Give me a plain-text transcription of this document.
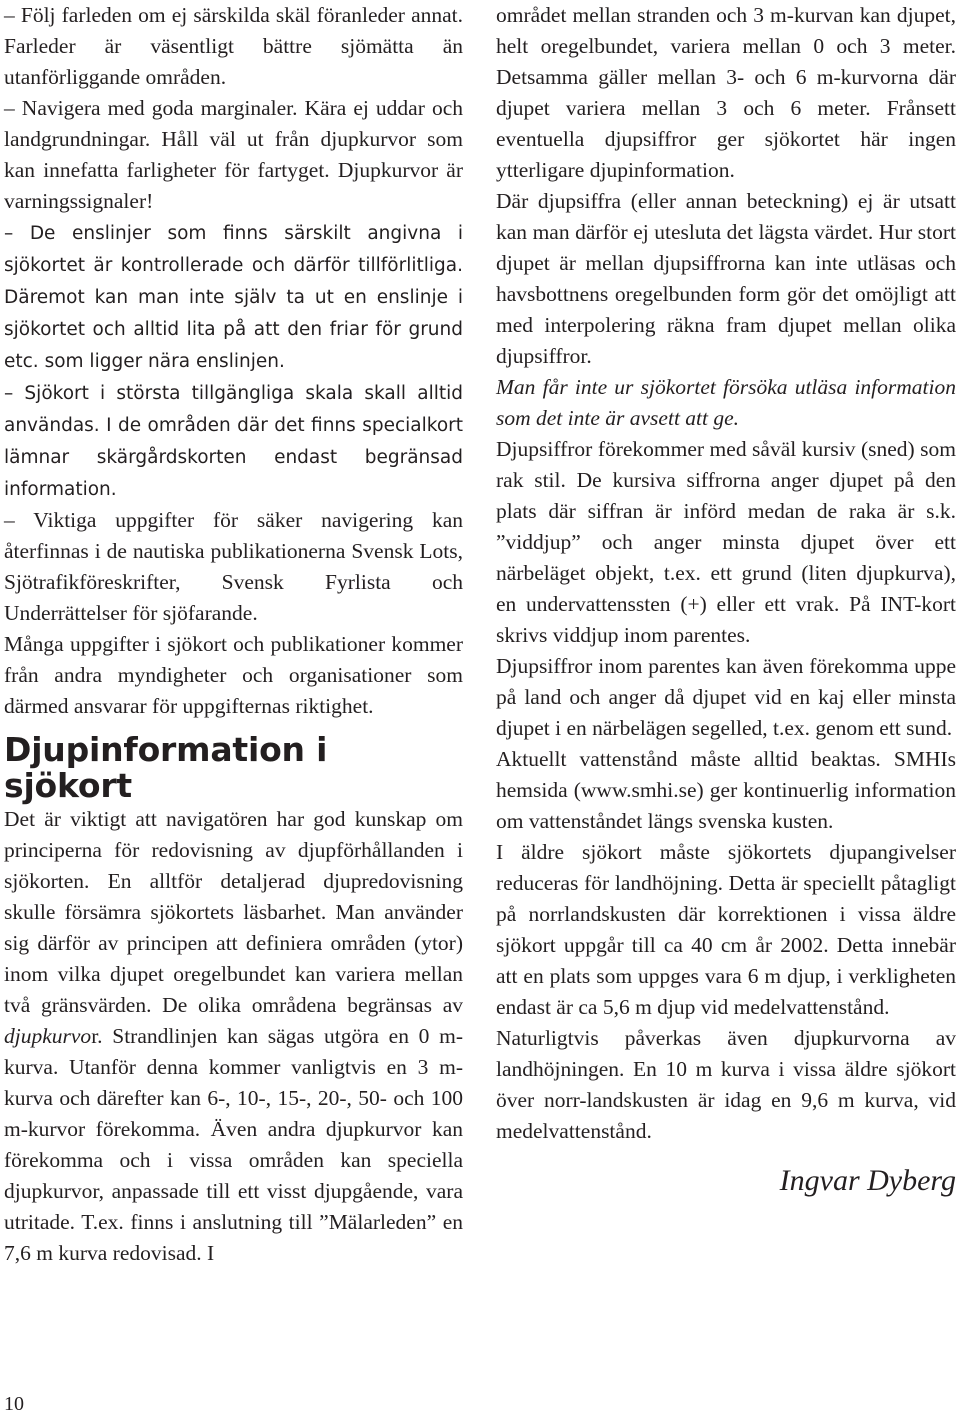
– Följ farleden om ej särskilda skäl föranleder annat. Farleder är väsentligt bättre sjömätta än utanförliggande områden.

– Navigera med goda marginaler. Kära ej uddar och landgrundningar. Håll väl ut från djupkurvor som kan innefatta farligheter för fartyget. Djupkurvor är varningssignaler!

– De enslinjer som finns särskilt angivna i sjökortet är kontrollerade och därför tillförlitliga. Däremot kan man inte själv ta ut en enslinje i sjökortet och alltid lita på att den friar för grund etc. som ligger nära enslinjen.

– Sjökort i största tillgängliga skala skall alltid användas. I de områden där det finns specialkort lämnar skärgårdskorten endast begränsad information.

– Viktiga uppgifter för säker navigering kan återfinnas i de nautiska publikationerna Svensk Lots, Sjötrafikföreskrifter, Svensk Fyrlista och Underrättelser för sjöfarande.

Många uppgifter i sjökort och publikationer kommer från andra myndigheter och organisationer som därmed ansvarar för uppgifternas riktighet.

Djupinformation i sjökort

Det är viktigt att navigatören har god kunskap om principerna för redovisning av djupförhållanden i sjökorten. En alltför detaljerad djupredovisning skulle försämra sjökortets läsbarhet. Man använder sig därför av principen att definiera områden (ytor) inom vilka djupet oregelbundet kan variera mellan två gränsvärden. De olika områdena begränsas av djupkurvor. Strandlinjen kan sägas utgöra en 0 m-kurva. Utanför denna kommer vanligtvis en 3 m-kurva och därefter kan 6-, 10-, 15-, 20-, 50- och 100 m-kurvor förekomma. Även andra djupkurvor kan förekomma och i vissa områden kan speciella djupkurvor, anpassade till ett visst djupgående, vara utritade. T.ex. finns i anslutning till ”Mälarleden” en 7,6 m kurva redovisad. I

området mellan stranden och 3 m-kurvan kan djupet, helt oregelbundet, variera mellan 0 och 3 meter. Detsamma gäller mellan 3- och 6 m-kurvorna där djupet variera mellan 3 och 6 meter. Frånsett eventuella djupsiffror ger sjökortet här ingen ytterligare djupinformation.

Där djupsiffra (eller annan beteckning) ej är utsatt kan man därför ej utesluta det lägsta värdet. Hur stort djupet är mellan djupsiffrorna kan inte utläsas och havsbottnens oregelbunden form gör det omöjligt att med interpolering räkna fram djupet mellan olika djupsiffror.

Man får inte ur sjökortet försöka utläsa information som det inte är avsett att ge.

Djupsiffror förekommer med såväl kursiv (sned) som rak stil. De kursiva siffrorna anger djupet på den plats där siffran är införd medan de raka är s.k. ”viddjup” och anger minsta djupet över ett närbeläget objekt, t.ex. ett grund (liten djupkurva), en undervattenssten (+) eller ett vrak. På INT-kort skrivs viddjup inom parentes.

Djupsiffror inom parentes kan även förekomma uppe på land och anger då djupet vid en kaj eller minsta djupet i en närbelägen segelled, t.ex. genom ett sund.

Aktuellt vattenstånd måste alltid beaktas. SMHIs hemsida (www.smhi.se) ger kontinuerlig information om vattenståndet längs svenska kusten.

I äldre sjökort måste sjökortets djupangivelser reduceras för landhöjning. Detta är speciellt påtagligt på norrlandskusten där korrektionen i vissa äldre sjökort uppgår till ca 40 cm år 2002. Detta innebär att en plats som uppges vara 6 m djup, i verkligheten endast är ca 5,6 m djup vid medelvattenstånd.

Naturligtvis påverkas även djupkurvorna av landhöjningen. En 10 m kurva i vissa äldre sjökort över norr-landskusten är idag en 9,6 m kurva, vid medelvattenstånd.

Ingvar Dyberg
10
